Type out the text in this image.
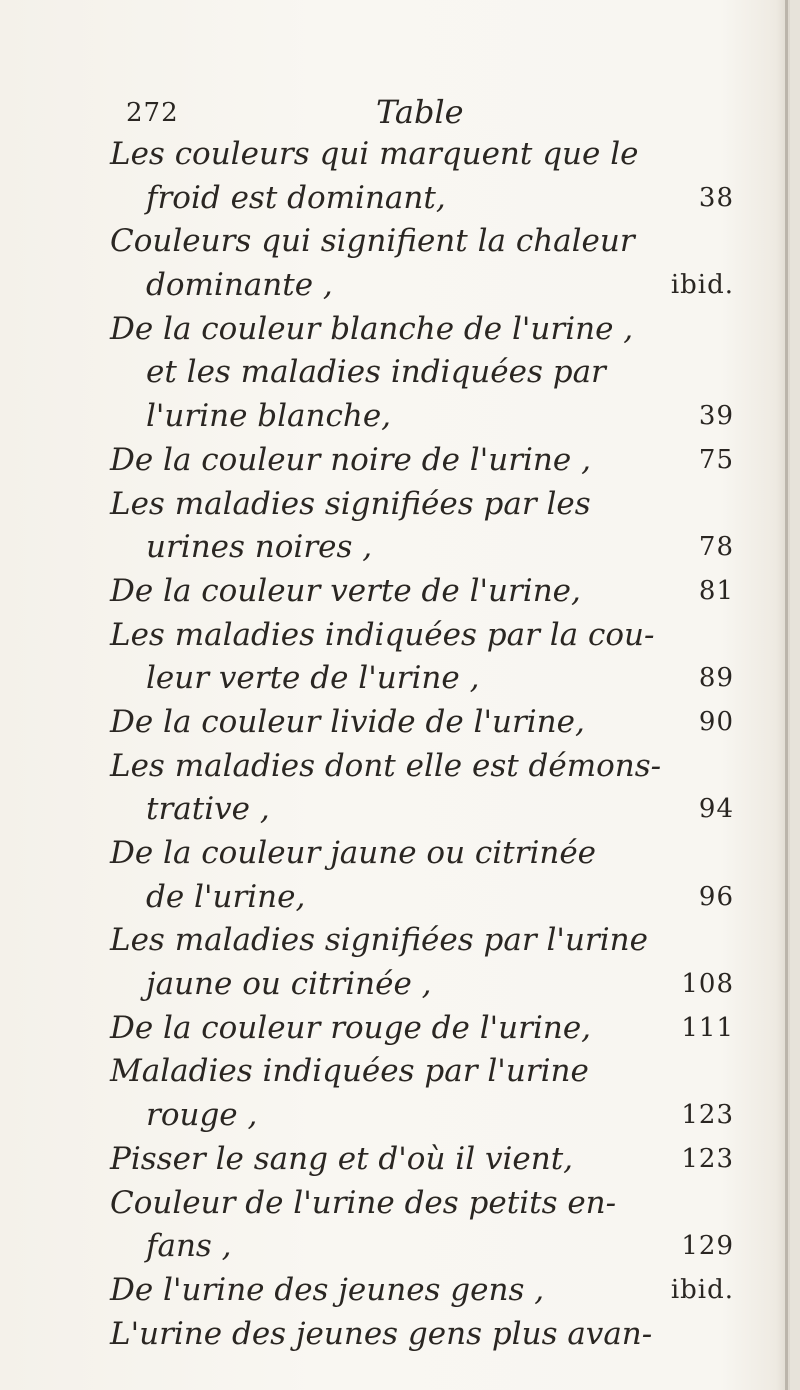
272	Table
Les couleurs qui marquent que le
froid est dominant,	38
Couleurs qui signifient la chaleur
dominante ,	ibid.
De la couleur blanche de l'urine ,
et les maladies indiquées par
l'urine blanche,	39
De la couleur noire de l'urine ,	75
Les maladies signifiées par les
urines noires ,	78
De la couleur verte de l'urine,	81
Les maladies indiquées par la cou-
leur verte de l'urine ,	89
De la couleur livide de l'urine,	90
Les maladies dont elle est démons-
trative ,	94
De la couleur jaune ou citrinée
de l'urine,	96
Les maladies signifiées par l'urine
jaune ou citrinée ,	108
De la couleur rouge de l'urine,	111
Maladies indiquées par l'urine
rouge ,	123
Pisser le sang et d'où il vient,	123
Couleur de l'urine des petits en-
fans ,	129
De l'urine des jeunes gens ,	ibid.
L'urine des jeunes gens plus avan-
